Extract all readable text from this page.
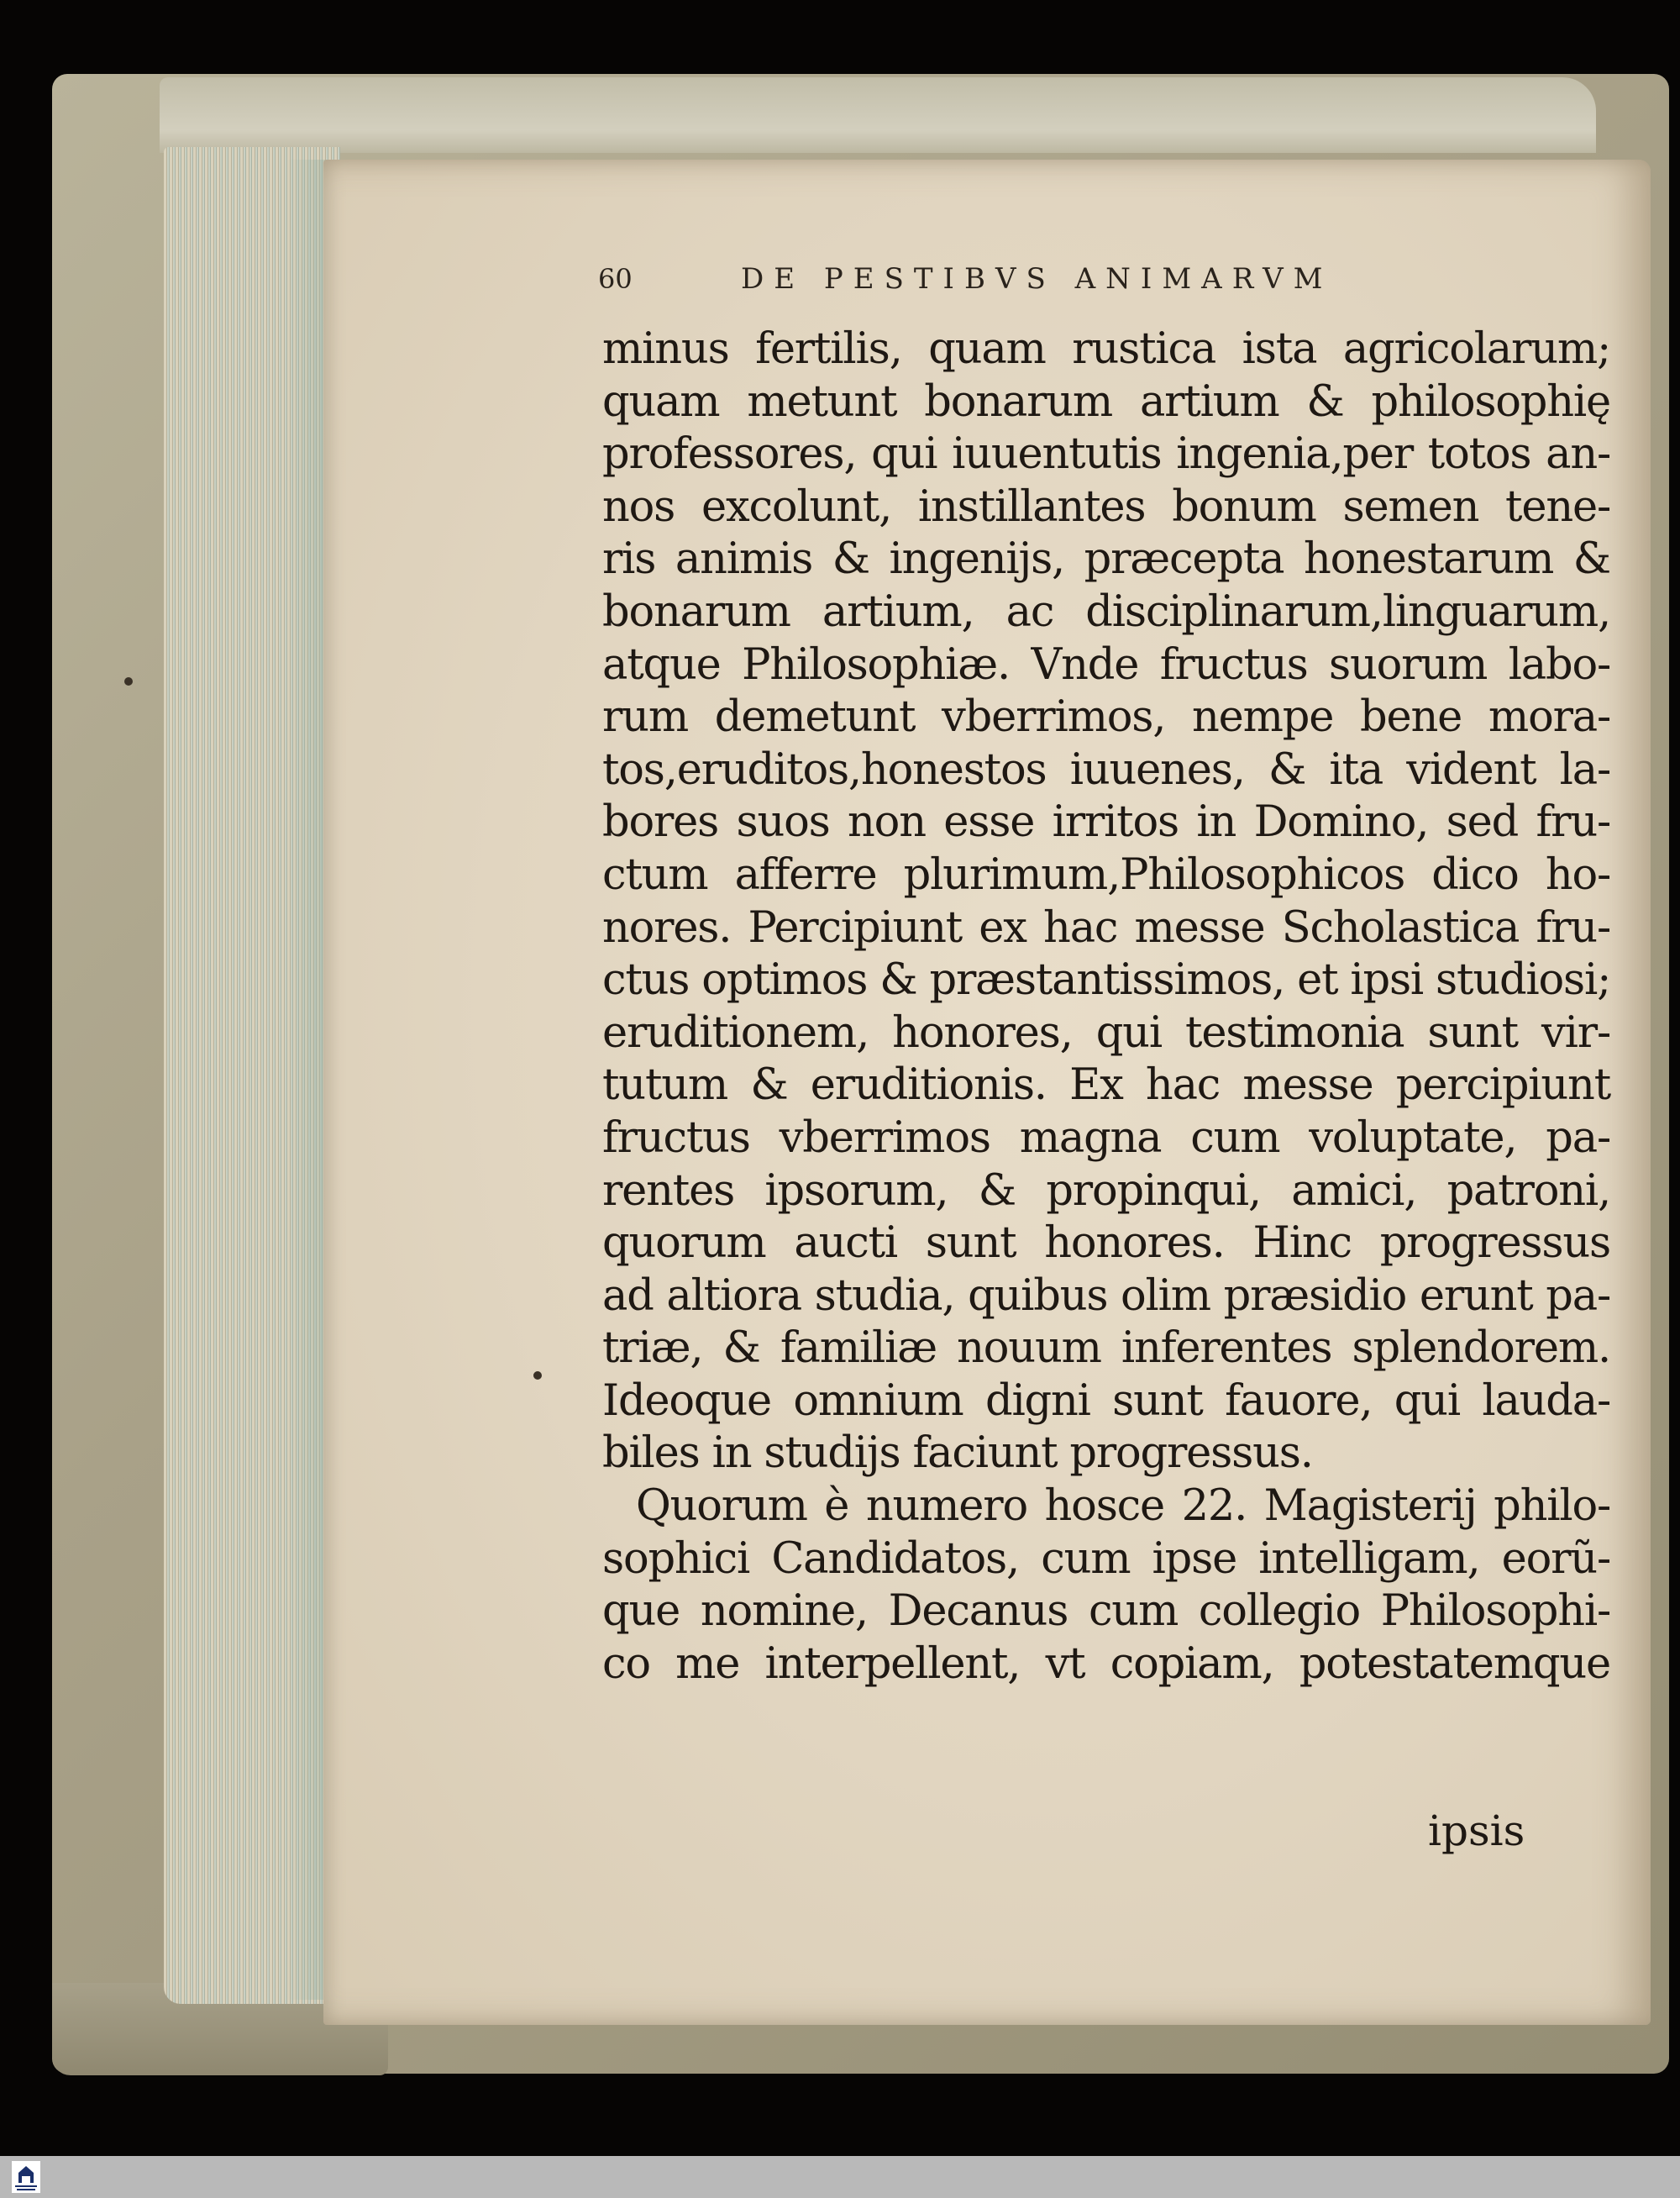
60	DE PESTIBVS ANIMARVM
minus fertilis, quam rustica ista agricolarum;
quam metunt bonarum artium & philosophię
professores, qui iuuentutis ingenia,per totos an-
nos excolunt, instillantes bonum semen tene-
ris animis & ingenijs, præcepta honestarum &
bonarum artium, ac disciplinarum,linguarum,
atque Philosophiæ. Vnde fructus suorum labo-
rum demetunt vberrimos, nempe bene mora-
tos,eruditos,honestos iuuenes, & ita vident la-
bores suos non esse irritos in Domino, sed fru-
ctum afferre plurimum,Philosophicos dico ho-
nores. Percipiunt ex hac messe Scholastica fru-
ctus optimos & præstantissimos, et ipsi studiosi;
eruditionem, honores, qui testimonia sunt vir-
tutum & eruditionis. Ex hac messe percipiunt
fructus vberrimos magna cum voluptate, pa-
rentes ipsorum, & propinqui, amici, patroni,
quorum aucti sunt honores. Hinc progressus
ad altiora studia, quibus olim præsidio erunt pa-
triæ, & familiæ nouum inferentes splendorem.
Ideoque omnium digni sunt fauore, qui lauda-
biles in studijs faciunt progressus.
Quorum è numero hosce 22. Magisterij philo-
sophici Candidatos, cum ipse intelligam, eorũ-
que nomine, Decanus cum collegio Philosophi-
co me interpellent, vt copiam, potestatemque
ipsis
